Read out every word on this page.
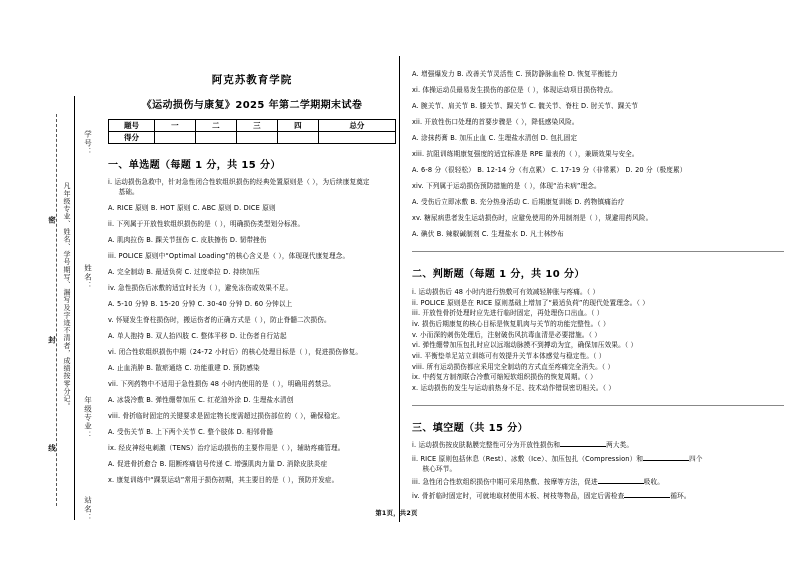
学号：
姓名：
年级专业：
站名：
凡年级专业、姓名、学号期写、漏写及字迹不清者，成绩按零分记。
密
封
线
阿克苏教育学院
《运动损伤与康复》2025 年第二学期期末试卷
题号	一	二	三	四	总分
得分					
一、单选题（每题 1 分，共 15 分）
i. 运动损伤急救中，针对急性闭合性软组织损伤的经典处置原则是（ ），为后续康复奠定
基础。
A. RICE 原则 B. HOT 原则 C. ABC 原则 D. DICE 原则
ii. 下列属于开放性软组织损伤的是（ ），明确损伤类型划分标准。
A. 肌肉拉伤 B. 踝关节扭伤 C. 皮肤擦伤 D. 韧带挫伤
iii. POLICE 原则中“Optimal Loading”的核心含义是（ ），体现现代康复理念。
A. 完全制动 B. 最适负荷 C. 过度牵拉 D. 持续加压
iv. 急性损伤后冰敷的适宜时长为（ ），避免冻伤或效果不足。
A. 5-10 分钟 B. 15-20 分钟 C. 30-40 分钟 D. 60 分钟以上
v. 怀疑发生脊柱损伤时，搬运伤者的正确方式是（ ），防止脊髓二次损伤。
A. 单人抱持 B. 双人抬四肢 C. 整体平移 D. 让伤者自行站起
vi. 闭合性软组织损伤中期（24-72 小时后）的核心处理目标是（ ），促进损伤修复。
A. 止血消肿 B. 散瘀通络 C. 功能重建 D. 预防感染
vii. 下列药物中不适用于急性损伤 48 小时内使用的是（ ），明确用药禁忌。
A. 冰袋冷敷 B. 弹性绷带加压 C. 红花油外涂 D. 生理盐水清创
viii. 骨折临时固定的关键要求是固定物长度需超过损伤部位的（ ），确保稳定。
A. 受伤关节 B. 上下两个关节 C. 整个肢体 D. 相邻骨骼
ix. 经皮神经电刺激（TENS）治疗运动损伤的主要作用是（ ），辅助疼痛管理。
A. 促进骨折愈合 B. 阻断疼痛信号传递 C. 增强肌肉力量 D. 消除皮肤炎症
x. 康复训练中“踝泵运动”常用于损伤初期，其主要目的是（ ），预防并发症。
A. 增强爆发力 B. 改善关节灵活性 C. 预防静脉血栓 D. 恢复平衡能力
xi. 体操运动员最易发生损伤的部位是（ ），体现运动项目损伤特点。
A. 腕关节、肩关节 B. 膝关节、踝关节 C. 髋关节、脊柱 D. 肘关节、踝关节
xii. 开放性伤口处理的首要步骤是（ ），降低感染风险。
A. 涂抹药膏 B. 加压止血 C. 生理盐水清创 D. 包扎固定
xiii. 抗阻训练期康复强度的适宜标准是 RPE 量表的（ ），兼顾效果与安全。
A. 6-8 分（很轻松） B. 12-14 分（有点累） C. 17-19 分（非常累） D. 20 分（极度累）
xiv. 下列属于运动损伤预防措施的是（ ），体现“治未病”理念。
A. 受伤后立即冰敷 B. 充分热身活动 C. 后期康复训练 D. 药物镇痛治疗
xv. 糖尿病患者发生运动损伤时，应避免使用的外用制剂是（ ），规避用药风险。
A. 碘伏 B. 辣椒碱制剂 C. 生理盐水 D. 凡士林纱布
二、判断题（每题 1 分，共 10 分）
i. 运动损伤后 48 小时内进行热敷可有效减轻肿胀与疼痛。（ ）
ii. POLICE 原则是在 RICE 原则基础上增加了“最适负荷”的现代处置理念。（ ）
iii. 开放性骨折处理时应先进行临时固定，再处理伤口出血。（ ）
iv. 损伤后期康复的核心目标是恢复肌肉与关节的功能完整性。（ ）
v. 小而深的刺伤处理后，注射破伤风抗毒血清是必要措施。（ ）
vi. 弹性绷带加压包扎时应以远端动脉摸不到搏动为宜，确保加压效果。（ ）
vii. 平衡垫单足站立训练可有效提升关节本体感觉与稳定性。（ ）
viii. 所有运动损伤都应采用完全制动的方式直至疼痛完全消失。（ ）
ix. 中药复方制剂联合冷敷可缩短软组织损伤的恢复周期。（ ）
x. 运动损伤的发生与运动前热身不足、技术动作错误密切相关。（ ）
三、填空题（共 15 分）
i. 运动损伤按皮肤黏膜完整性可分为开放性损伤和	两大类。
ii. RICE 原则包括休息（Rest）、冰敷（Ice）、加压包扎（Compression）和	四个
核心环节。
iii. 急性闭合性软组织损伤中期可采用热敷、按摩等方法，促进	吸收。
iv. 骨折临时固定时，可就地取材使用木板、树枝等物品，固定后需检查	循环。
第1页，共2页
